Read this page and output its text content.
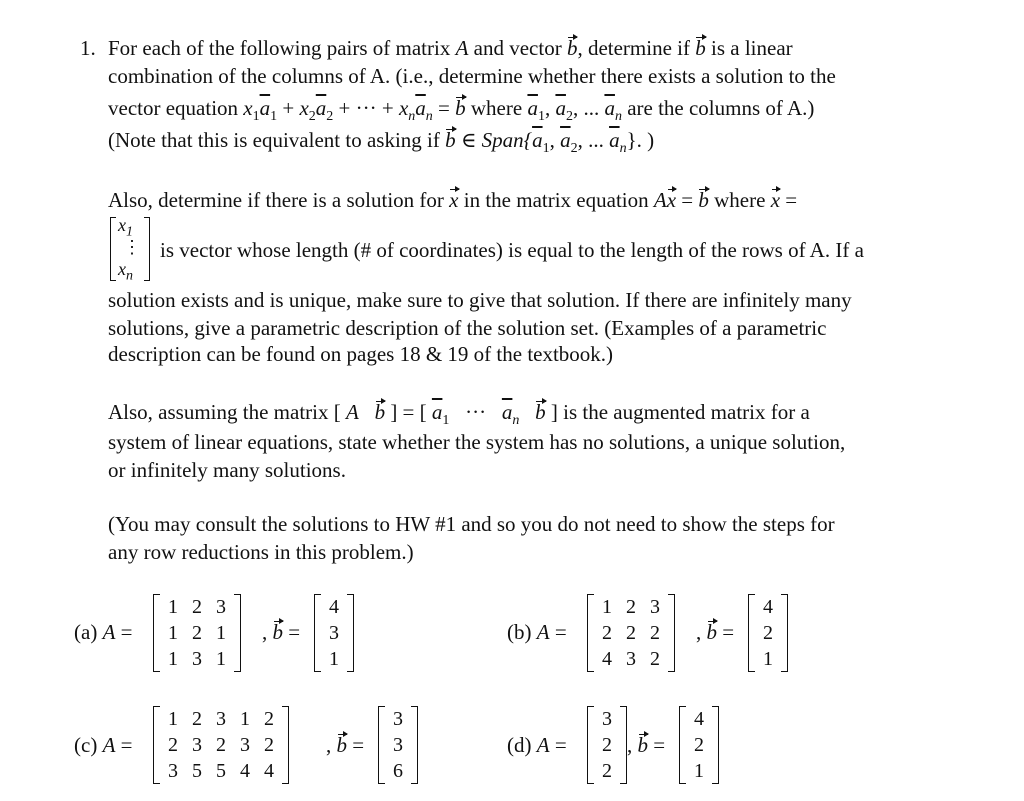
1. For each of the following pairs of matrix A and vector b, determine if b is a linear
combination of the columns of A. (i.e., determine whether there exists a solution to the
vector equation $x_1\overline{a}_1 + x_2\overline{a}_2$ + ··· + $x_n\overline{a}_n = b$ where $\overline{a}_1$, $\overline{a}_2$, ... $\overline{a}_n$ are the columns of A.)
(Note that this is equivalent to asking if b ∈ $Span\{\overline{a}_1$, $\overline{a}_2$, ... $\overline{a}_n$}. )
Also, determine if there is a solution for x in the matrix equation Ax = b where x =
$x_1$
⋮
$x_n$
is vector whose length (# of coordinates) is equal to the length of the rows of A. If a
solution exists and is unique, make sure to give that solution. If there are infinitely many
solutions, give a parametric description of the solution set. (Examples of a parametric
description can be found on pages 18 & 19 of the textbook.)
Also, assuming the matrix [ A b ] = [ $\overline{a}_1$   ···   $\overline{a}_n$ b ] is the augmented matrix for a
system of linear equations, state whether the system has no solutions, a unique solution,
or infinitely many solutions.
(You may consult the solutions to HW #1 and so you do not need to show the steps for
any row reductions in this problem.)
(a) A =
1	2	3
1	2	1
1	3	1
, b =
4
3
1
(b) A =
1	2	3
2	2	2
4	3	2
, b =
4
2
1
(c) A =
1	2	3	1	2
2	3	2	3	2
3	5	5	4	4
, b =
3
3
6
(d) A =
3
2
2
, b =
4
2
1
